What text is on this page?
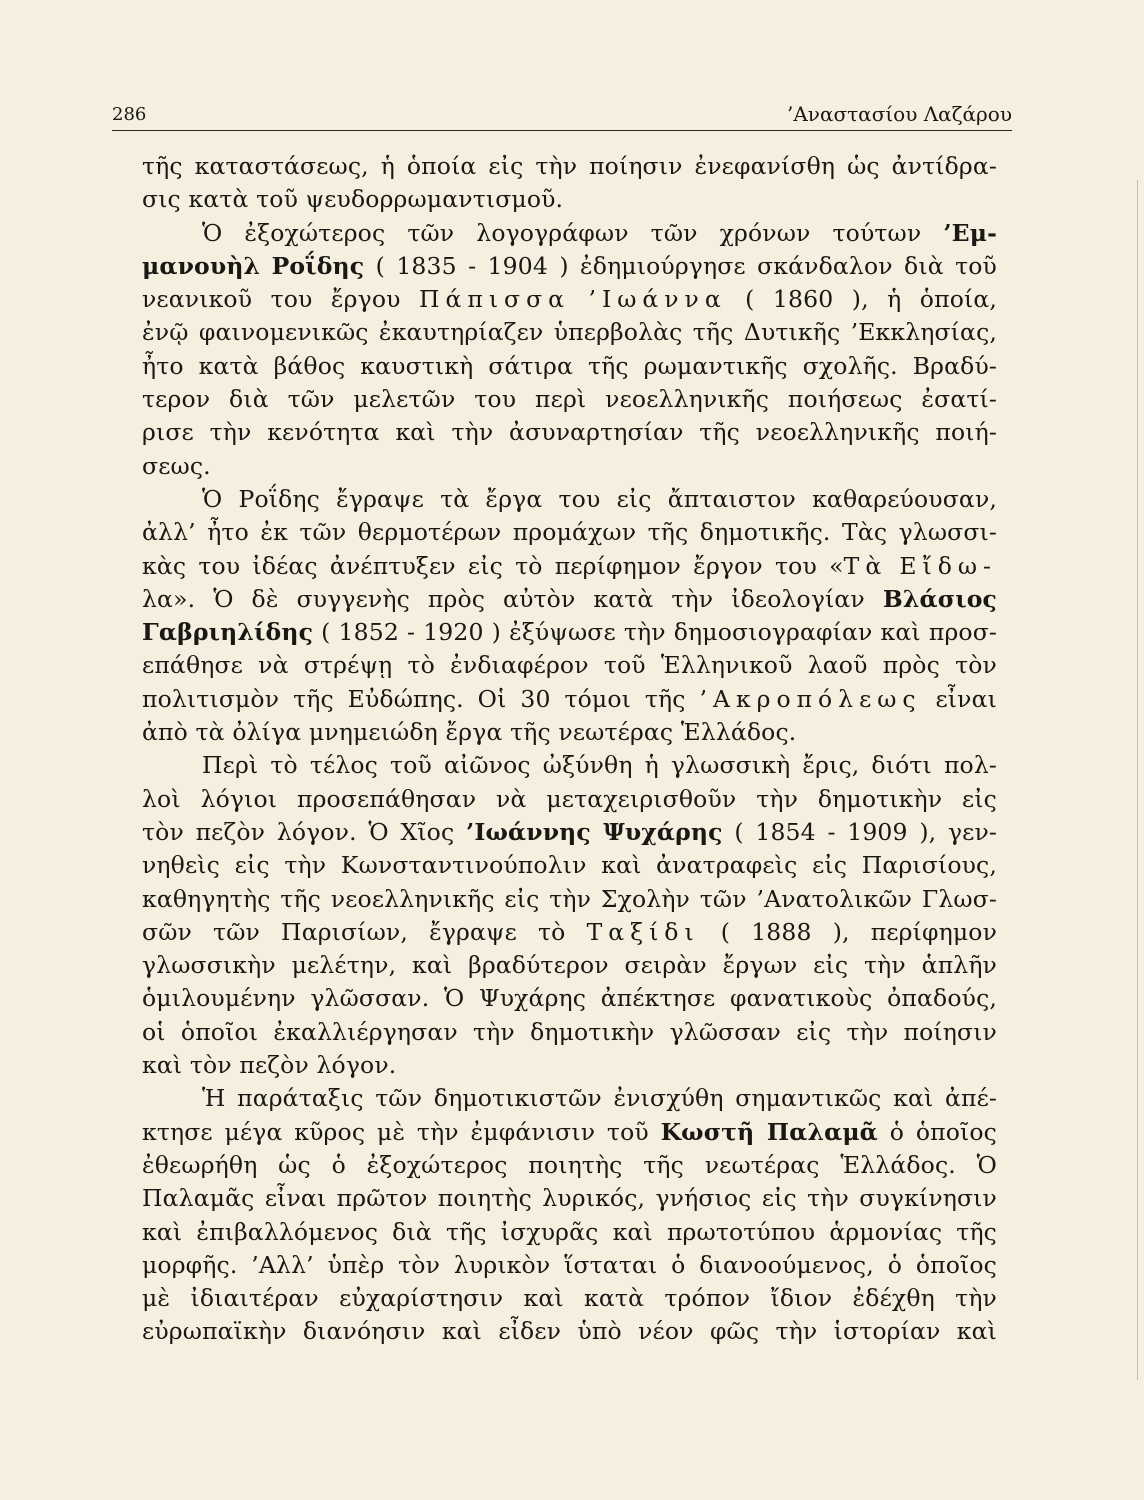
286	’Αναστασίου Λαζάρου
τῆς καταστάσεως, ἡ ὁποία εἰς τὴν ποίησιν ἐνεφανίσθη ὡς ἀντίδρα-
σις κατὰ τοῦ ψευδορρωμαντισμοῦ.
Ὁ ἐξοχώτερος τῶν λογογράφων τῶν χρόνων τούτων ’Εμ-
μανουὴλ Ροΐδης ( 1835 - 1904 ) ἐδημιούργησε σκάνδαλον διὰ τοῦ
νεανικοῦ του ἔργου Πάπισσα ’Ιωάννα ( 1860 ), ἡ ὁποία,
ἐνῷ φαινομενικῶς ἐκαυτηρίαζεν ὑπερβολὰς τῆς Δυτικῆς ’Εκκλησίας,
ἦτο κατὰ βάθος καυστικὴ σάτιρα τῆς ρωμαντικῆς σχολῆς. Βραδύ-
τερον διὰ τῶν μελετῶν του περὶ νεοελληνικῆς ποιήσεως ἐσατί-
ρισε τὴν κενότητα καὶ τὴν ἀσυναρτησίαν τῆς νεοελληνικῆς ποιή-
σεως.
Ὁ Ροΐδης ἔγραψε τὰ ἔργα του εἰς ἄπταιστον καθαρεύουσαν,
ἀλλ’ ἦτο ἐκ τῶν θερμοτέρων προμάχων τῆς δημοτικῆς. Τὰς γλωσσι-
κὰς του ἰδέας ἀνέπτυξεν εἰς τὸ περίφημον ἔργον του «Τὰ Εἴδω-
λα». Ὁ δὲ συγγενὴς πρὸς αὐτὸν κατὰ τὴν ἰδεολογίαν Βλάσιος
Γαβριηλίδης ( 1852 - 1920 ) ἐξύψωσε τὴν δημοσιογραφίαν καὶ προσ-
επάθησε νὰ στρέψῃ τὸ ἐνδιαφέρον τοῦ Ἑλληνικοῦ λαοῦ πρὸς τὸν
πολιτισμὸν τῆς Εὐδώπης. Οἱ 30 τόμοι τῆς ’Ακροπόλεως εἶναι
ἀπὸ τὰ ὀλίγα μνημειώδη ἔργα τῆς νεωτέρας Ἑλλάδος.
Περὶ τὸ τέλος τοῦ αἰῶνος ὠξύνθη ἡ γλωσσικὴ ἔρις, διότι πολ-
λοὶ λόγιοι προσεπάθησαν νὰ μεταχειρισθοῦν τὴν δημοτικὴν εἰς
τὸν πεζὸν λόγον. Ὁ Χῖος ’Ιωάννης Ψυχάρης ( 1854 - 1909 ), γεν-
νηθεὶς εἰς τὴν Κωνσταντινούπολιν καὶ ἀνατραφεὶς εἰς Παρισίους,
καθηγητὴς τῆς νεοελληνικῆς εἰς τὴν Σχολὴν τῶν ’Ανατολικῶν Γλωσ-
σῶν τῶν Παρισίων, ἔγραψε τὸ Ταξίδι ( 1888 ), περίφημον
γλωσσικὴν μελέτην, καὶ βραδύτερον σειρὰν ἔργων εἰς τὴν ἁπλῆν
ὁμιλουμένην γλῶσσαν. Ὁ Ψυχάρης ἀπέκτησε φανατικοὺς ὀπαδούς,
οἱ ὁποῖοι ἐκαλλιέργησαν τὴν δημοτικὴν γλῶσσαν εἰς τὴν ποίησιν
καὶ τὸν πεζὸν λόγον.
Ἡ παράταξις τῶν δημοτικιστῶν ἐνισχύθη σημαντικῶς καὶ ἀπέ-
κτησε μέγα κῦρος μὲ τὴν ἐμφάνισιν τοῦ Κωστῆ Παλαμᾶ ὁ ὁποῖος
ἐθεωρήθη ὡς ὁ ἐξοχώτερος ποιητὴς τῆς νεωτέρας Ἑλλάδος. Ὁ
Παλαμᾶς εἶναι πρῶτον ποιητὴς λυρικός, γνήσιος εἰς τὴν συγκίνησιν
καὶ ἐπιβαλλόμενος διὰ τῆς ἰσχυρᾶς καὶ πρωτοτύπου ἁρμονίας τῆς
μορφῆς. ’Αλλ’ ὑπὲρ τὸν λυρικὸν ἵσταται ὁ διανοούμενος, ὁ ὁποῖος
μὲ ἰδιαιτέραν εὐχαρίστησιν καὶ κατὰ τρόπον ἴδιον ἐδέχθη τὴν
εὐρωπαϊκὴν διανόησιν καὶ εἶδεν ὑπὸ νέον φῶς τὴν ἱστορίαν καὶ
